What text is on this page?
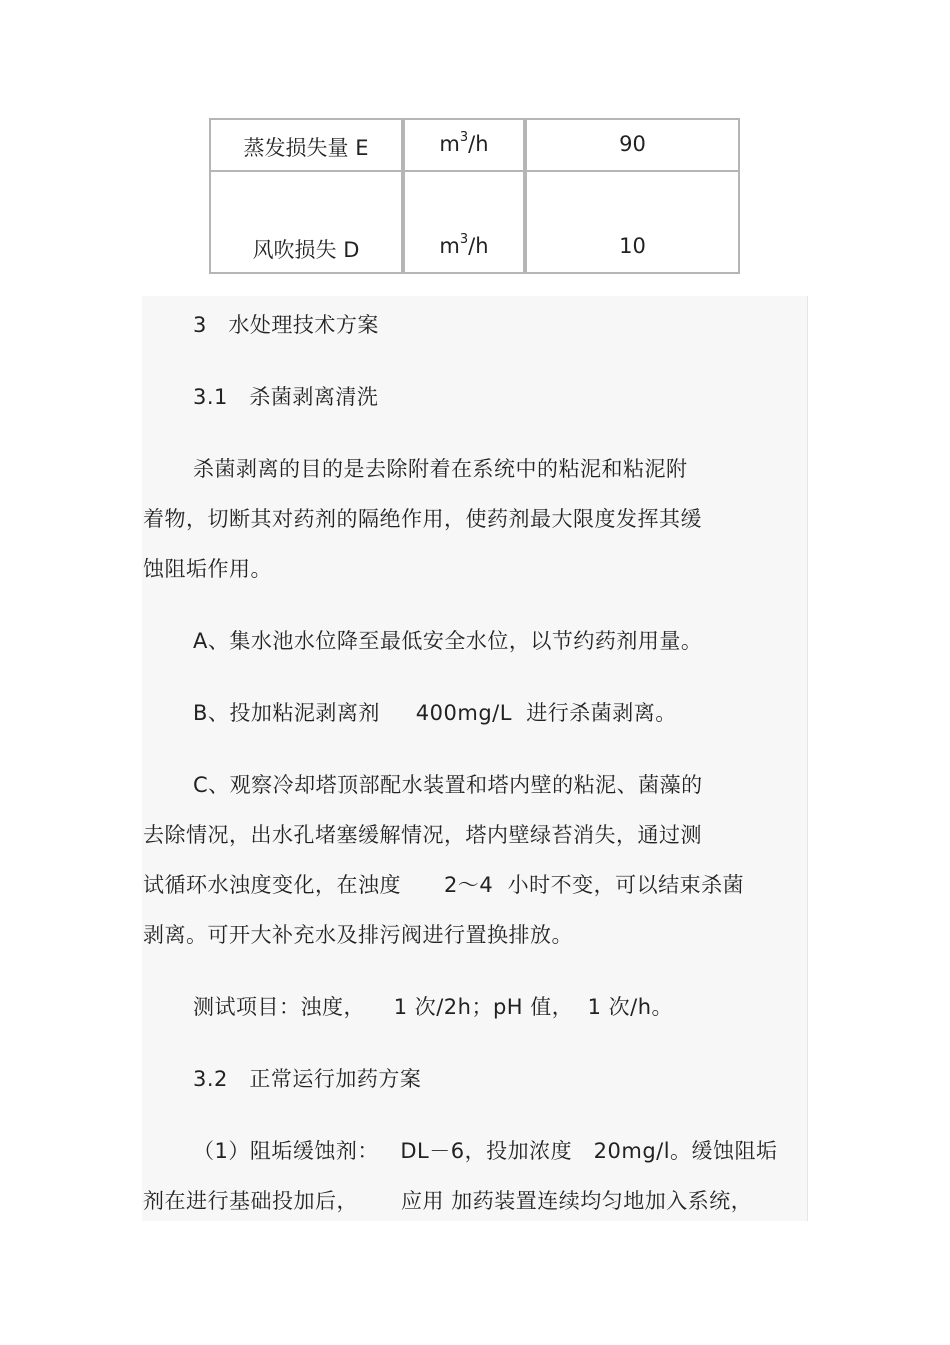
蒸发损失量 E	$m^3/h$	90
风吹损失 D	$m^3/h$	10
3   水处理技术方案
3.1   杀菌剥离清洗
杀菌剥离的目的是去除附着在系统中的粘泥和粘泥附
着物，切断其对药剂的隔绝作用，使药剂最大限度发挥其缓
蚀阻垢作用。
A、集水池水位降至最低安全水位，以节约药剂用量。
B、投加粘泥剥离剂     400mg/L  进行杀菌剥离。
C、观察冷却塔顶部配水装置和塔内壁的粘泥、菌藻的
去除情况，出水孔堵塞缓解情况，塔内壁绿苔消失，通过测
试循环水浊度变化，在浊度      2～4  小时不变，可以结束杀菌
剥离。可开大补充水及排污阀进行置换排放。
测试项目：浊度，    1 次/2h；pH 值，  1 次/h。
3.2   正常运行加药方案
（1）阻垢缓蚀剂：   DL－6，投加浓度   20mg/l。缓蚀阻垢
剂在进行基础投加后，      应用 加药装置连续均匀地加入系统，
